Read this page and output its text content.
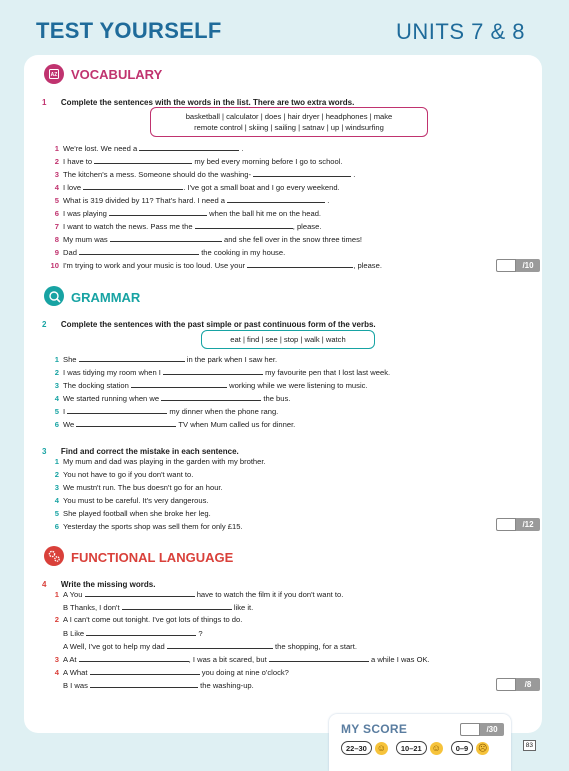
TEST YOURSELF	UNITS 7 & 8
AZ VOCABULARY
1 Complete the sentences with the words in the list. There are two extra words.
basketball | calculator | does | hair dryer | headphones | make
remote control | skiing | sailing | satnav | up | windsurfing
1 We're lost. We need a	.
2 I have to	my bed every morning before I go to school.
3 The kitchen's a mess. Someone should do the washing-	.
4 I love	. I've got a small boat and I go every weekend.
5 What is 319 divided by 11? That's hard. I need a	.
6 I was playing	when the ball hit me on the head.
7 I want to watch the news. Pass me the	, please.
8 My mum was	and she fell over in the snow three times!
9 Dad	the cooking in my house.
10 I'm trying to work and your music is too loud. Use your	, please.	/10
GRAMMAR
2 Complete the sentences with the past simple or past continuous form of the verbs.
eat | find | see | stop | walk | watch
1 She	in the park when I saw her.
2 I was tidying my room when I	my favourite pen that I lost last week.
3 The docking station	working while we were listening to music.
4 We started running when we	the bus.
5 I	my dinner when the phone rang.
6 We	TV when Mum called us for dinner.
3 Find and correct the mistake in each sentence.
1 My mum and dad was playing in the garden with my brother.
2 You not have to go if you don't want to.
3 We mustn't run. The bus doesn't go for an hour.
4 You must to be careful. It's very dangerous.
5 She played football when she broke her leg.
6 Yesterday the sports shop was sell them for only £15.	/12
FUNCTIONAL LANGUAGE
4 Write the missing words.
1 A You	have to watch the film it if you don't want to.
B Thanks, I don't	like it.
2 A I can't come out tonight. I've got lots of things to do.
B Like	?
A Well, I've got to help my dad	the shopping, for a start.
3 A At	, I was a bit scared, but	a while I was OK.
4 A What	you doing at nine o'clock?
B I was	the washing-up.	/8
MY SCORE	/30
22–30	☺	10–21	☺	0–9	☹	83
